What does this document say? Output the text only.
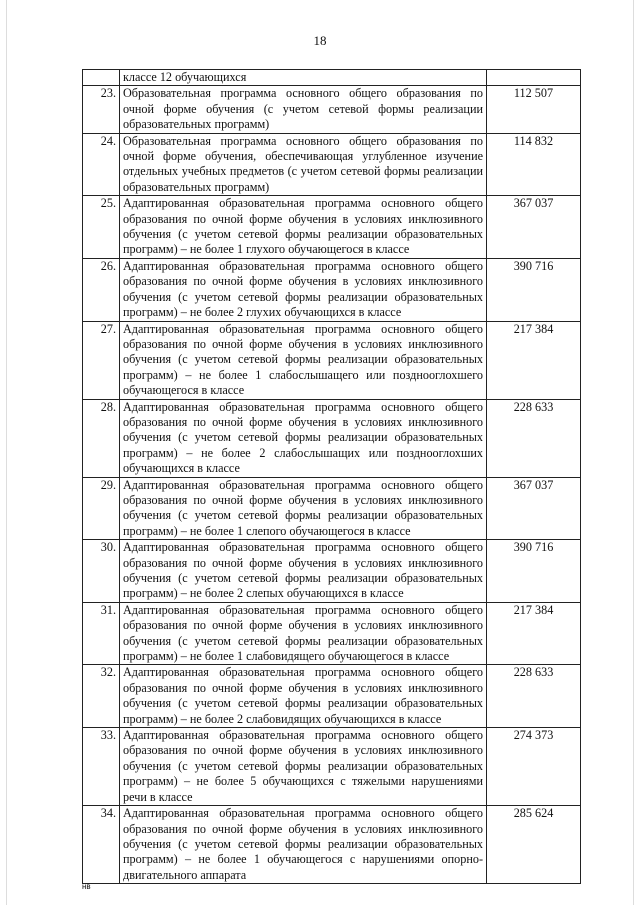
18
	классе 12 обучающихся	
23.	Образовательная программа основного общего образования по очной форме обучения (с учетом сетевой формы реализации образовательных программ)	112 507
24.	Образовательная программа основного общего образования по очной форме обучения, обеспечивающая углубленное изучение отдельных учебных предметов (с учетом сетевой формы реализации образовательных программ)	114 832
25.	Адаптированная образовательная программа основного общего образования по очной форме обучения в условиях инклюзивного обучения (с учетом сетевой формы реализации образовательных программ) – не более 1 глухого обучающегося в классе	367 037
26.	Адаптированная образовательная программа основного общего образования по очной форме обучения в условиях инклюзивного обучения (с учетом сетевой формы реализации образовательных программ) – не более 2 глухих обучающихся в классе	390 716
27.	Адаптированная образовательная программа основного общего образования по очной форме обучения в условиях инклюзивного обучения (с учетом сетевой формы реализации образовательных программ) – не более 1 слабослышащего или позднооглохшего обучающегося в классе	217 384
28.	Адаптированная образовательная программа основного общего образования по очной форме обучения в условиях инклюзивного обучения (с учетом сетевой формы реализации образовательных программ) – не более 2 слабослышащих или позднооглохших обучающихся в классе	228 633
29.	Адаптированная образовательная программа основного общего образования по очной форме обучения в условиях инклюзивного обучения (с учетом сетевой формы реализации образовательных программ) – не более 1 слепого обучающегося в классе	367 037
30.	Адаптированная образовательная программа основного общего образования по очной форме обучения в условиях инклюзивного обучения (с учетом сетевой формы реализации образовательных программ) – не более 2 слепых обучающихся в классе	390 716
31.	Адаптированная образовательная программа основного общего образования по очной форме обучения в условиях инклюзивного обучения (с учетом сетевой формы реализации образовательных программ) – не более 1 слабовидящего обучающегося в классе	217 384
32.	Адаптированная образовательная программа основного общего образования по очной форме обучения в условиях инклюзивного обучения (с учетом сетевой формы реализации образовательных программ) – не более 2 слабовидящих обучающихся в классе	228 633
33.	Адаптированная образовательная программа основного общего образования по очной форме обучения в условиях инклюзивного обучения (с учетом сетевой формы реализации образовательных программ) – не более 5 обучающихся с тяжелыми нарушениями речи в классе	274 373
34.	Адаптированная образовательная программа основного общего образования по очной форме обучения в условиях инклюзивного обучения (с учетом сетевой формы реализации образовательных программ) – не более 1 обучающегося с нарушениями опорно-двигательного аппарата	285 624
нв
